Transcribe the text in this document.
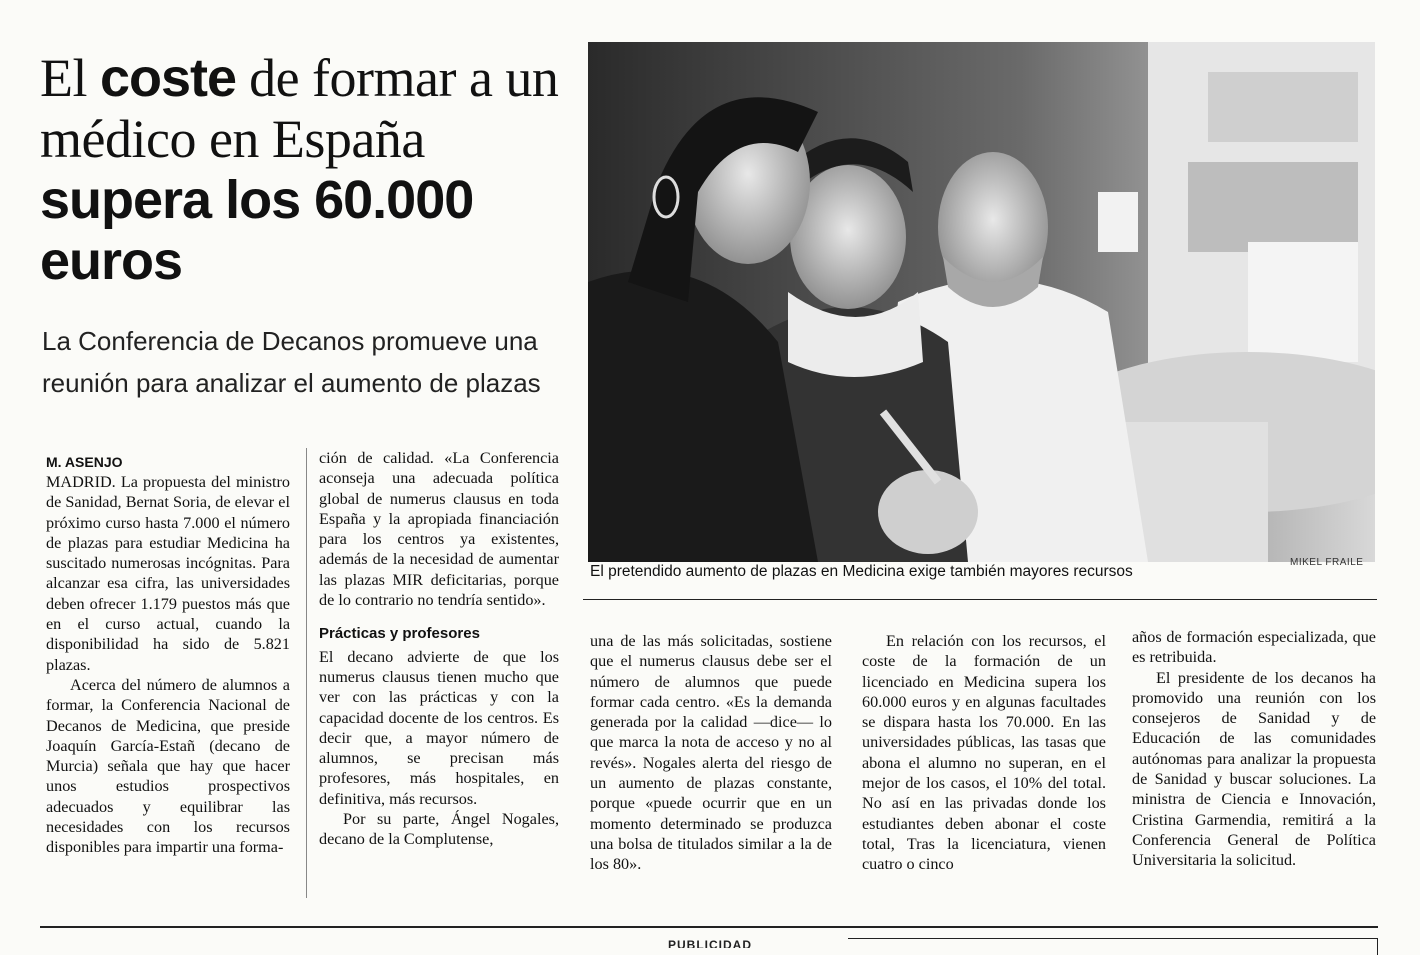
El coste de formar a un médico en España supera los 60.000 euros

La Conferencia de Decanos promueve una reunión para analizar el aumento de plazas

M. ASENJO

MADRID. La propuesta del ministro de Sanidad, Bernat Soria, de elevar el próximo curso hasta 7.000 el número de plazas para estudiar Medicina ha suscitado numerosas incógnitas. Para alcanzar esa cifra, las universidades deben ofrecer 1.179 puestos más que en el curso actual, cuando la disponibilidad ha sido de 5.821 plazas.

Acerca del número de alumnos a formar, la Conferencia Nacional de Decanos de Medicina, que preside Joaquín García-Estañ (decano de Murcia) señala que hay que hacer unos estudios prospectivos adecuados y equilibrar las necesidades con los recursos disponibles para impartir una forma-

ción de calidad. «La Conferencia aconseja una adecuada política global de numerus clausus en toda España y la apropiada financiación para los centros ya existentes, además de la necesidad de aumentar las plazas MIR deficitarias, porque de lo contrario no tendría sentido».

Prácticas y profesores

El decano advierte de que los numerus clausus tienen mucho que ver con las prácticas y con la capacidad docente de los centros. Es decir que, a mayor número de alumnos, se precisan más profesores, más hospitales, en definitiva, más recursos.

Por su parte, Ángel Nogales, decano de la Complutense,

una de las más solicitadas, sostiene que el numerus clausus debe ser el número de alumnos que puede formar cada centro. «Es la demanda generada por la calidad —dice— lo que marca la nota de acceso y no al revés». Nogales alerta del riesgo de un aumento de plazas constante, porque «puede ocurrir que en un momento determinado se produzca una bolsa de titulados similar a la de los 80».

En relación con los recursos, el coste de la formación de un licenciado en Medicina supera los 60.000 euros y en algunas facultades se dispara hasta los 70.000. En las universidades públicas, las tasas que abona el alumno no superan, en el mejor de los casos, el 10% del total. No así en las privadas donde los estudiantes deben abonar el coste total, Tras la licenciatura, vienen cuatro o cinco

años de formación especializada, que es retribuida.

El presidente de los decanos ha promovido una reunión con los consejeros de Sanidad y de Educación de las comunidades autónomas para analizar la propuesta de Sanidad y buscar soluciones. La ministra de Ciencia e Innovación, Cristina Garmendia, remitirá a la Conferencia General de Política Universitaria la solicitud.

MIKEL FRAILE
El pretendido aumento de plazas en Medicina exige también mayores recursos
PUBLICIDAD
